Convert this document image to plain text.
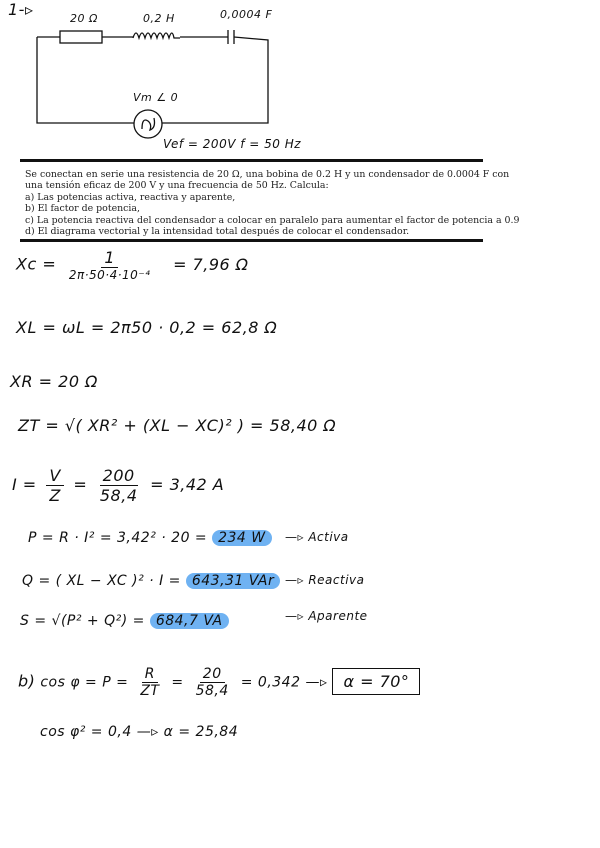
1-▹	20 Ω	0,2 H	0,0004 F
Vm ∠ 0
Vef = 200V f = 50 Hz
Se conectan en serie una resistencia de 20 Ω, una bobina de 0.2 H y un condensador de 0.0004 F con
una tensión eficaz de 200 V y una frecuencia de 50 Hz. Calcula:
a) Las potencias activa, reactiva y aparente,
b) El factor de potencia,
c) La potencia reactiva del condensador a colocar en paralelo para aumentar el factor de potencia a 0.9
d) El diagrama vectorial y la intensidad total después de colocar el condensador.
$Xc = \frac{1}{\text{2π·50·4·10⁻⁴}} = 7,96$ Ω
XL = ωL = 2π50 · 0,2 = 62,8 Ω
XR = 20 Ω
ZT = √( XR² + (XL − XC)² ) = 58,40 Ω
$I = \frac{V}{Z} = \frac{200}{58,4} = 3,42$ A
P = R · I² = 3,42² · 20 = 234 W	—▹ Activa
Q = ( XL − XC )² · I = 643,31 VAr —▹ Reactiva
S = √(P² + Q²) = 684,7 VA	—▹ Aparente
b) $\cos \varphi = P = \frac{R}{ZT} = \frac{20}{58,4} = 0,342$ —▹ α = 70°
cos φ² = 0,4 —▹ α = 25,84
